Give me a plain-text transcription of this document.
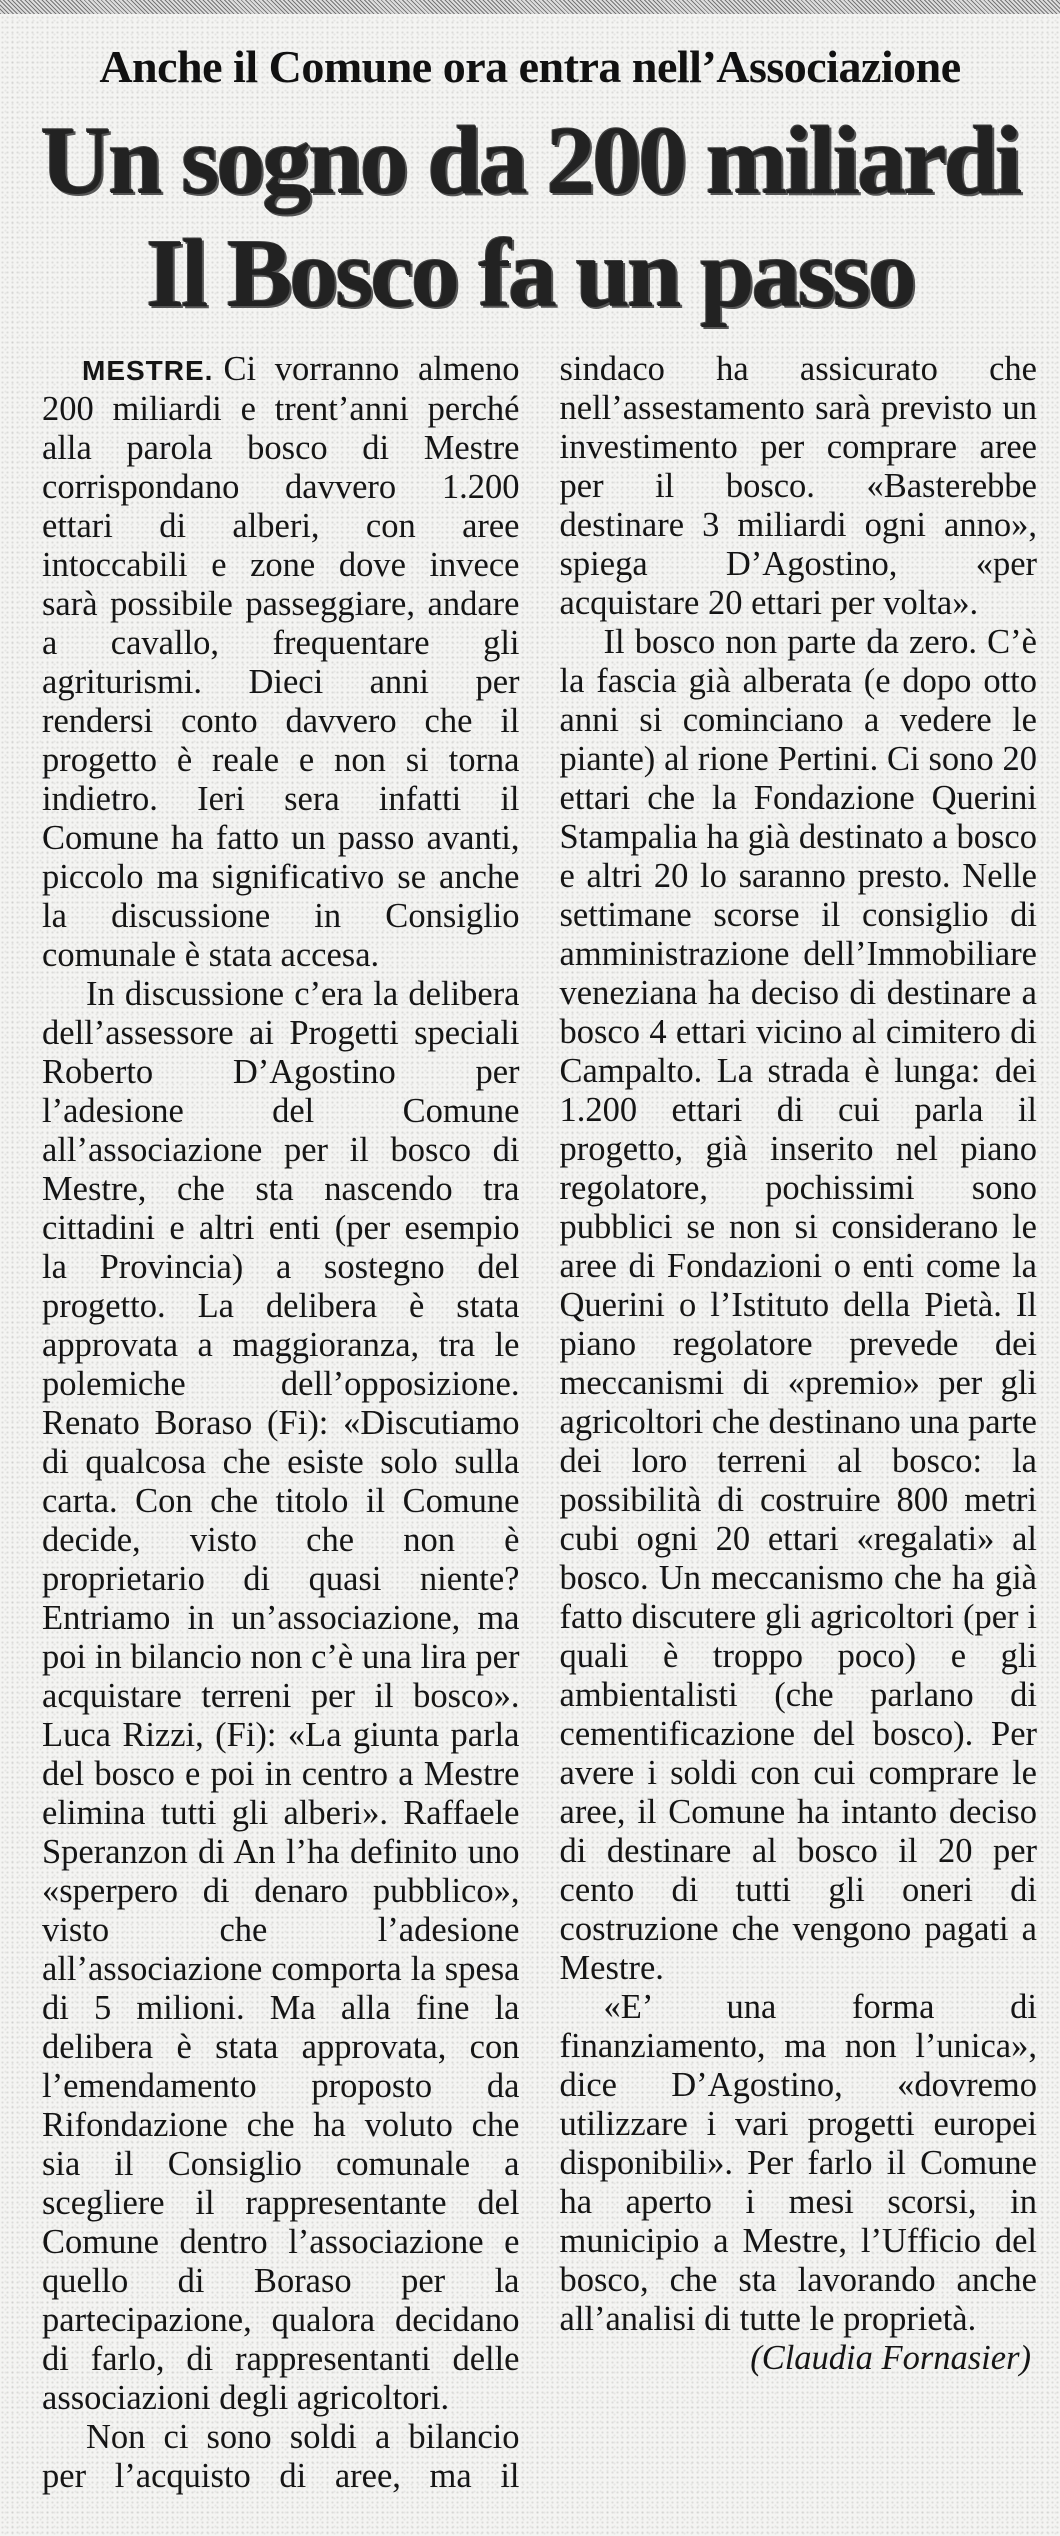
Anche il Comune ora entra nell’Associazione
Un sogno da 200 miliardi
Il Bosco fa un passo

MESTRE. Ci vorranno almeno 200 miliardi e trent’anni perché alla parola bosco di Mestre corrispondano davvero 1.200 ettari di alberi, con aree intoccabili e zone dove invece sarà possibile passeggiare, andare a cavallo, frequentare gli agriturismi. Dieci anni per rendersi conto davvero che il progetto è reale e non si torna indietro. Ieri sera infatti il Comune ha fatto un passo avanti, piccolo ma significativo se anche la discussione in Consiglio comunale è stata accesa.

In discussione c’era la delibera dell’assessore ai Progetti speciali Roberto D’Agostino per l’adesione del Comune all’associazione per il bosco di Mestre, che sta nascendo tra cittadini e altri enti (per esempio la Provincia) a sostegno del progetto. La delibera è stata approvata a maggioranza, tra le polemiche dell’opposizione. Renato Boraso (Fi): «Discutiamo di qualcosa che esiste solo sulla carta. Con che titolo il Comune decide, visto che non è proprietario di quasi niente? Entriamo in un’associazione, ma poi in bilancio non c’è una lira per acquistare terreni per il bosco». Luca Rizzi, (Fi): «La giunta parla del bosco e poi in centro a Mestre elimina tutti gli alberi». Raffaele Speranzon di An l’ha definito uno «sperpero di denaro pubblico», visto che l’adesione all’associazione comporta la spesa di 5 milioni. Ma alla fine la delibera è stata approvata, con l’emendamento proposto da Rifondazione che ha voluto che sia il Consiglio comunale a scegliere il rappresentante del Comune dentro l’associazione e quello di Boraso per la partecipazione, qualora decidano di farlo, di rappresentanti delle associazioni degli agricoltori.

Non ci sono soldi a bilancio per l’acquisto di aree, ma il sindaco ha assicurato che nell’assestamento sarà previsto un investimento per comprare aree per il bosco. «Basterebbe destinare 3 miliardi ogni anno», spiega D’Agostino, «per acquistare 20 ettari per volta».

Il bosco non parte da zero. C’è la fascia già alberata (e dopo otto anni si cominciano a vedere le piante) al rione Pertini. Ci sono 20 ettari che la Fondazione Querini Stampalia ha già destinato a bosco e altri 20 lo saranno presto. Nelle settimane scorse il consiglio di amministrazione dell’Immobiliare veneziana ha deciso di destinare a bosco 4 ettari vicino al cimitero di Campalto. La strada è lunga: dei 1.200 ettari di cui parla il progetto, già inserito nel piano regolatore, pochissimi sono pubblici se non si considerano le aree di Fondazioni o enti come la Querini o l’Istituto della Pietà. Il piano regolatore prevede dei meccanismi di «premio» per gli agricoltori che destinano una parte dei loro terreni al bosco: la possibilità di costruire 800 metri cubi ogni 20 ettari «regalati» al bosco. Un meccanismo che ha già fatto discutere gli agricoltori (per i quali è troppo poco) e gli ambientalisti (che parlano di cementificazione del bosco). Per avere i soldi con cui comprare le aree, il Comune ha intanto deciso di destinare al bosco il 20 per cento di tutti gli oneri di costruzione che vengono pagati a Mestre.

«E’ una forma di finanziamento, ma non l’unica», dice D’Agostino, «dovremo utilizzare i vari progetti europei disponibili». Per farlo il Comune ha aperto i mesi scorsi, in municipio a Mestre, l’Ufficio del bosco, che sta lavorando anche all’analisi di tutte le proprietà.

(Claudia Fornasier)
